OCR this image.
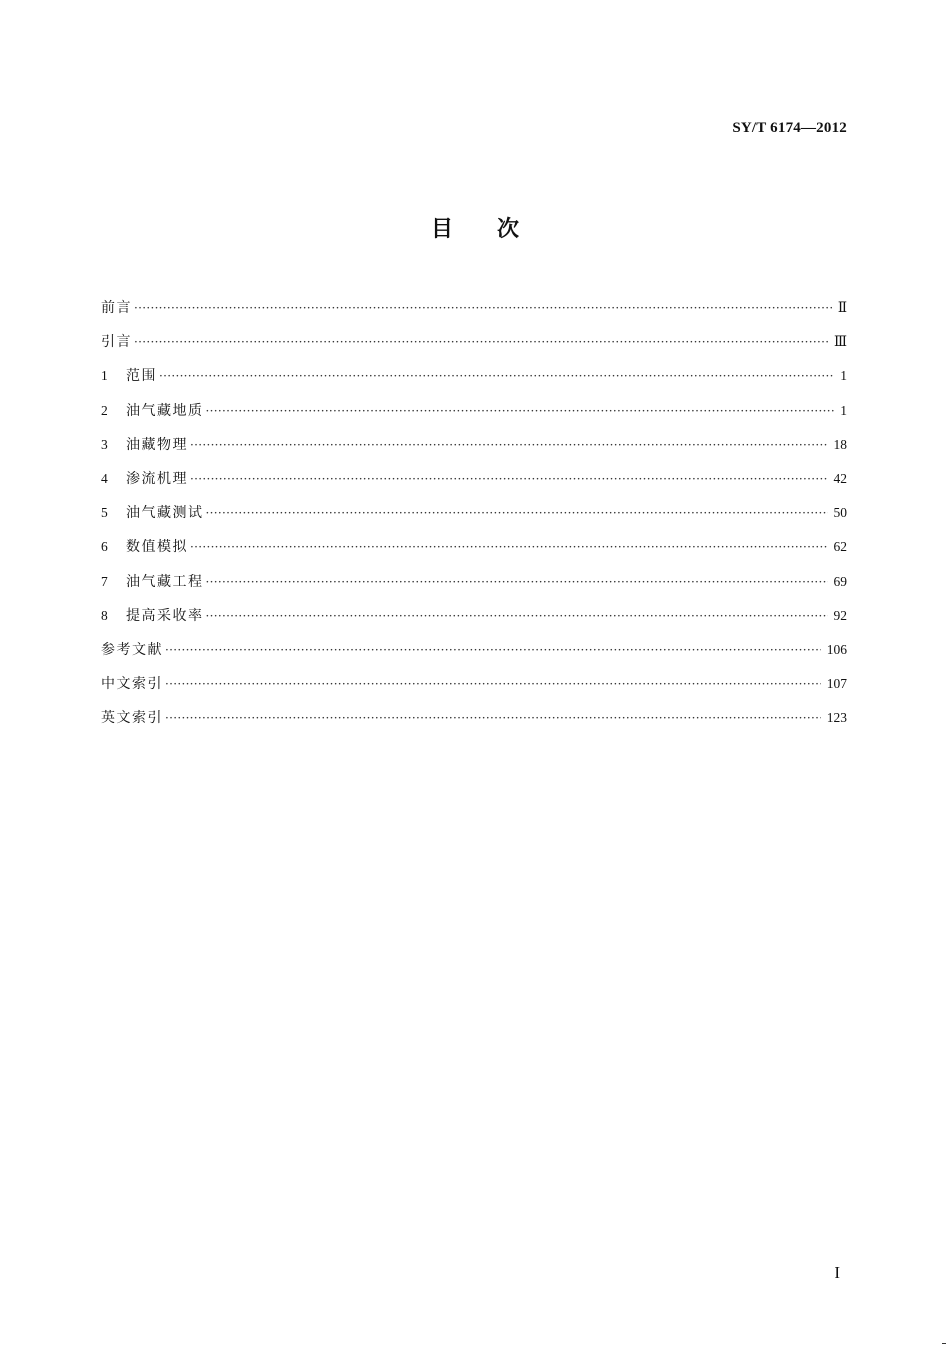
SY/T 6174—2012
目次
前言 ·····	Ⅱ
引言 ·····	Ⅲ
1	范围 ·····	1
2	油气藏地质 ·····	1
3	油藏物理 ·····	18
4	渗流机理 ·····	42
5	油气藏测试 ·····	50
6	数值模拟 ·····	62
7	油气藏工程 ·····	69
8	提高采收率 ·····	92
参考文献 ·····	106
中文索引 ·····	107
英文索引 ·····	123
I
